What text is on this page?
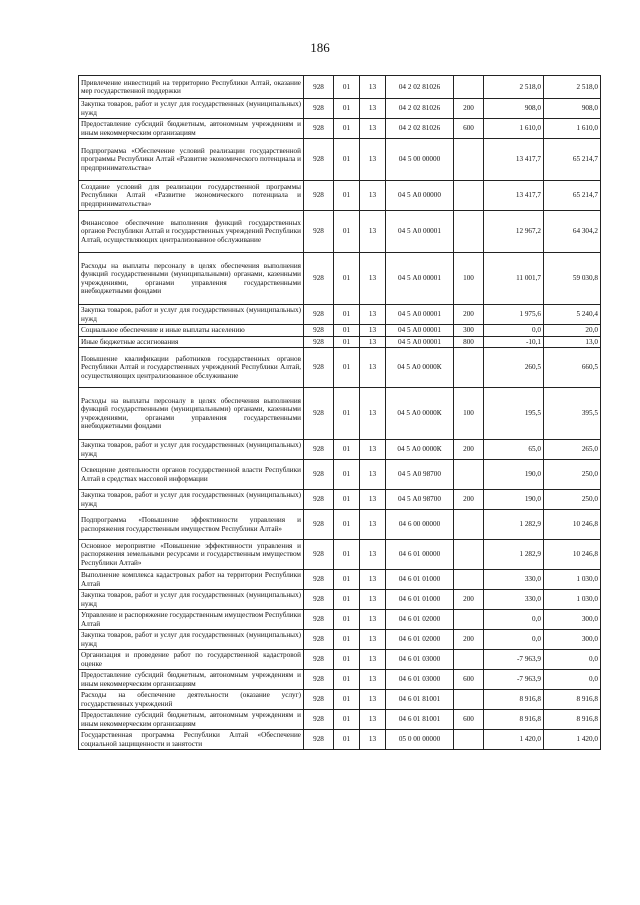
186
Привлечение инвестиций на территорию Республики Алтай, оказание мер государственной поддержки	928	01	13	04 2 02 81026		2 518,0	2 518,0
Закупка товаров, работ и услуг для государственных (муниципальных) нужд	928	01	13	04 2 02 81026	200	908,0	908,0
Предоставление субсидий бюджетным, автономным учреждениям и иным некоммерческим организациям	928	01	13	04 2 02 81026	600	1 610,0	1 610,0
Подпрограмма «Обеспечение условий реализации государственной программы Республики Алтай «Развитие экономического потенциала и предпринимательства»	928	01	13	04 5 00 00000		13 417,7	65 214,7
Создание условий для реализации государственной программы Республики Алтай «Развитие экономического потенциала и предпринимательства»	928	01	13	04 5 А0 00000		13 417,7	65 214,7
Финансовое обеспечение выполнения функций государственных органов Республики Алтай и государственных учреждений Республики Алтай, осуществляющих централизованное обслуживание	928	01	13	04 5 А0 00001		12 967,2	64 304,2
Расходы на выплаты персоналу в целях обеспечения выполнения функций государственными (муниципальными) органами, казенными учреждениями, органами управления государственными внебюджетными фондами	928	01	13	04 5 А0 00001	100	11 001,7	59 030,8
Закупка товаров, работ и услуг для государственных (муниципальных) нужд	928	01	13	04 5 А0 00001	200	1 975,6	5 240,4
Социальное обеспечение и иные выплаты населению	928	01	13	04 5 А0 00001	300	0,0	20,0
Иные бюджетные ассигнования	928	01	13	04 5 А0 00001	800	-10,1	13,0
Повышение квалификации работников государственных органов Республики Алтай и государственных учреждений Республики Алтай, осуществляющих централизованное обслуживание	928	01	13	04 5 А0 0000К		260,5	660,5
Расходы на выплаты персоналу в целях обеспечения выполнения функций государственными (муниципальными) органами, казенными учреждениями, органами управления государственными внебюджетными фондами	928	01	13	04 5 А0 0000К	100	195,5	395,5
Закупка товаров, работ и услуг для государственных (муниципальных) нужд	928	01	13	04 5 А0 0000К	200	65,0	265,0
Освещение деятельности органов государственной власти Республики Алтай в средствах массовой информации	928	01	13	04 5 А0 98700		190,0	250,0
Закупка товаров, работ и услуг для государственных (муниципальных) нужд	928	01	13	04 5 А0 98700	200	190,0	250,0
Подпрограмма «Повышение эффективности управления и распоряжения государственным имуществом Республики Алтай»	928	01	13	04 6 00 00000		1 282,9	10 246,8
Основное мероприятие «Повышение эффективности управления и распоряжения земельными ресурсами и государственным имуществом Республики Алтай»	928	01	13	04 6 01 00000		1 282,9	10 246,8
Выполнение комплекса кадастровых работ на территории Республики Алтай	928	01	13	04 6 01 01000		330,0	1 030,0
Закупка товаров, работ и услуг для государственных (муниципальных) нужд	928	01	13	04 6 01 01000	200	330,0	1 030,0
Управление и распоряжение государственным имуществом Республики Алтай	928	01	13	04 6 01 02000		0,0	300,0
Закупка товаров, работ и услуг для государственных (муниципальных) нужд	928	01	13	04 6 01 02000	200	0,0	300,0
Организация и проведение работ по государственной кадастровой оценке	928	01	13	04 6 01 03000		-7 963,9	0,0
Предоставление субсидий бюджетным, автономным учреждениям и иным некоммерческим организациям	928	01	13	04 6 01 03000	600	-7 963,9	0,0
Расходы на обеспечение деятельности (оказание услуг) государственных учреждений	928	01	13	04 6 01 81001		8 916,8	8 916,8
Предоставление субсидий бюджетным, автономным учреждениям и иным некоммерческим организациям	928	01	13	04 6 01 81001	600	8 916,8	8 916,8
Государственная программа Республики Алтай «Обеспечение социальной защищенности и занятости	928	01	13	05 0 00 00000		1 420,0	1 420,0
